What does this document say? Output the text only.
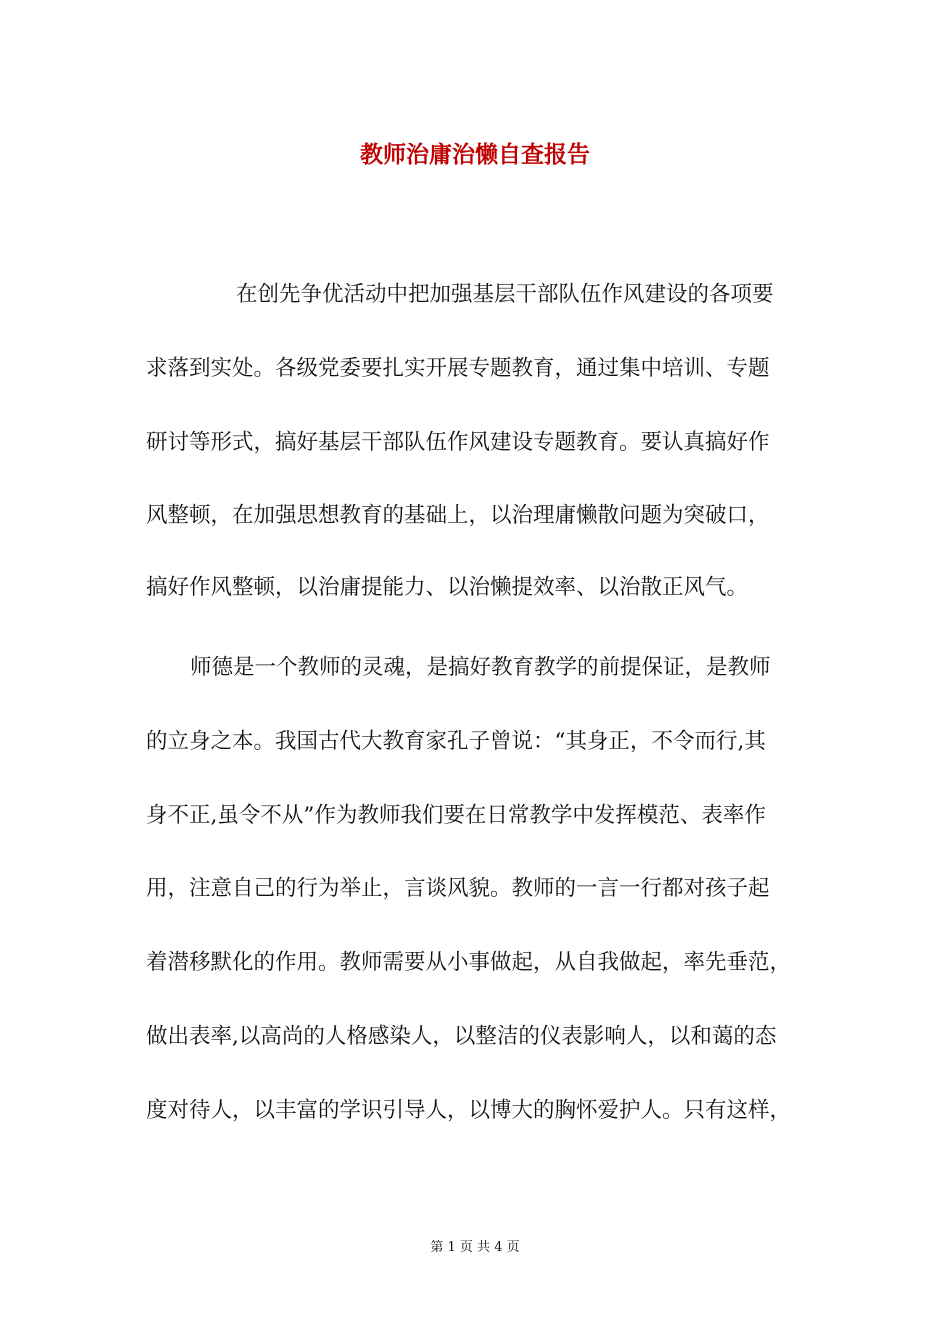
教师治庸治懒自查报告

在创先争优活动中把加强基层干部队伍作风建设的各项要

求落到实处。各级党委要扎实开展专题教育，通过集中培训、专题

研讨等形式，搞好基层干部队伍作风建设专题教育。要认真搞好作

风整顿，在加强思想教育的基础上，以治理庸懒散问题为突破口，

搞好作风整顿，以治庸提能力、以治懒提效率、以治散正风气。

师德是一个教师的灵魂，是搞好教育教学的前提保证，是教师

的立身之本。我国古代大教育家孔子曾说：“其身正，不令而行,其

身不正,虽令不从”作为教师我们要在日常教学中发挥模范、表率作

用，注意自己的行为举止，言谈风貌。教师的一言一行都对孩子起

着潜移默化的作用。教师需要从小事做起，从自我做起，率先垂范，

做出表率,以高尚的人格感染人，以整洁的仪表影响人，以和蔼的态

度对待人，以丰富的学识引导人，以博大的胸怀爱护人。只有这样，

第 1 页 共 4 页
